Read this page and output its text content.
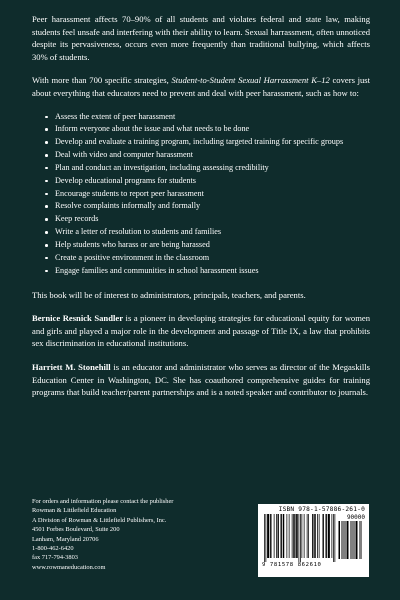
Peer harassment affects 70–90% of all students and violates federal and state law, making students feel unsafe and interfering with their ability to learn. Sexual harrassment, often unnoticed despite its pervasiveness, occurs even more frequently than traditional bullying, which affects 30% of students.

With more than 700 specific strategies, Student-to-Student Sexual Harrassment K–12 covers just about everything that educators need to prevent and deal with peer harassment, such as how to:

Assess the extent of peer harassment
Inform everyone about the issue and what needs to be done
Develop and evaluate a training program, including targeted training for specific groups
Deal with video and computer harassment
Plan and conduct an investigation, including assessing credibility
Develop educational programs for students
Encourage students to report peer harassment
Resolve complaints informally and formally
Keep records
Write a letter of resolution to students and families
Help students who harass or are being harassed
Create a positive environment in the classroom
Engage families and communities in school harassment issues

This book will be of interest to administrators, principals, teachers, and parents.

Bernice Resnick Sandler is a pioneer in developing strategies for educational equity for women and girls and played a major role in the development and passage of Title IX, a law that prohibits sex discrimination in educational institutions.

Harriett M. Stonehill is an educator and administrator who serves as director of the Megaskills Education Center in Washington, DC. She has coauthored comprehensive guides for training programs that build teacher/parent partnerships and is a noted speaker and contributor to journals.

For orders and information please contact the publisher
Rowman & Littlefield Education
A Division of Rowman & Littlefield Publishers, Inc.
4501 Forbes Boulevard, Suite 200
Lanham, Maryland 20706
1-800-462-6420
fax 717-794-3803
www.rowmaneducation.com
ISBN 978-1-57886-261-0
90000
9 781578 862610
